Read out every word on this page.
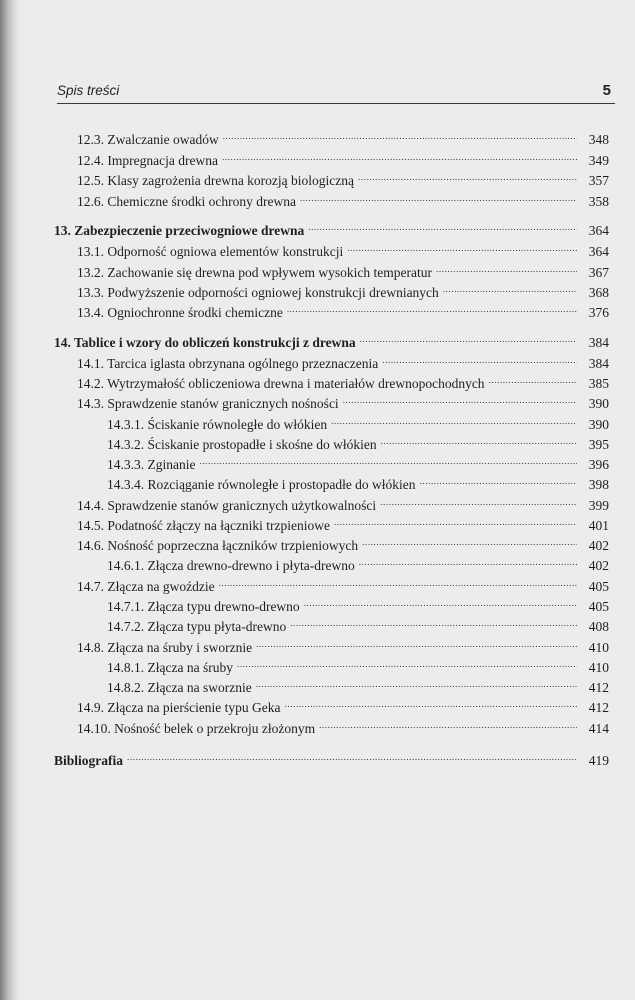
Spis treści	5
12.3. Zwalczanie owadów .....	348
12.4. Impregnacja drewna .....	349
12.5. Klasy zagrożenia drewna korozją biologiczną .....	357
12.6. Chemiczne środki ochrony drewna .....	358
13. Zabezpieczenie przeciwogniowe drewna .....	364
13.1. Odporność ogniowa elementów konstrukcji .....	364
13.2. Zachowanie się drewna pod wpływem wysokich temperatur .....	367
13.3. Podwyższenie odporności ogniowej konstrukcji drewnianych .....	368
13.4. Ogniochronne środki chemiczne .....	376
14. Tablice i wzory do obliczeń konstrukcji z drewna .....	384
14.1. Tarcica iglasta obrzynana ogólnego przeznaczenia .....	384
14.2. Wytrzymałość obliczeniowa drewna i materiałów drewnopochodnych .....	385
14.3. Sprawdzenie stanów granicznych nośności .....	390
14.3.1. Ściskanie równoległe do włókien .....	390
14.3.2. Ściskanie prostopadłe i skośne do włókien .....	395
14.3.3. Zginanie .....	396
14.3.4. Rozciąganie równoległe i prostopadłe do włókien .....	398
14.4. Sprawdzenie stanów granicznych użytkowalności .....	399
14.5. Podatność złączy na łączniki trzpieniowe .....	401
14.6. Nośność poprzeczna łączników trzpieniowych .....	402
14.6.1. Złącza drewno-drewno i płyta-drewno .....	402
14.7. Złącza na gwoździe .....	405
14.7.1. Złącza typu drewno-drewno .....	405
14.7.2. Złącza typu płyta-drewno .....	408
14.8. Złącza na śruby i sworznie .....	410
14.8.1. Złącza na śruby .....	410
14.8.2. Złącza na sworznie .....	412
14.9. Złącza na pierścienie typu Geka .....	412
14.10. Nośność belek o przekroju złożonym .....	414
Bibliografia .....	419
